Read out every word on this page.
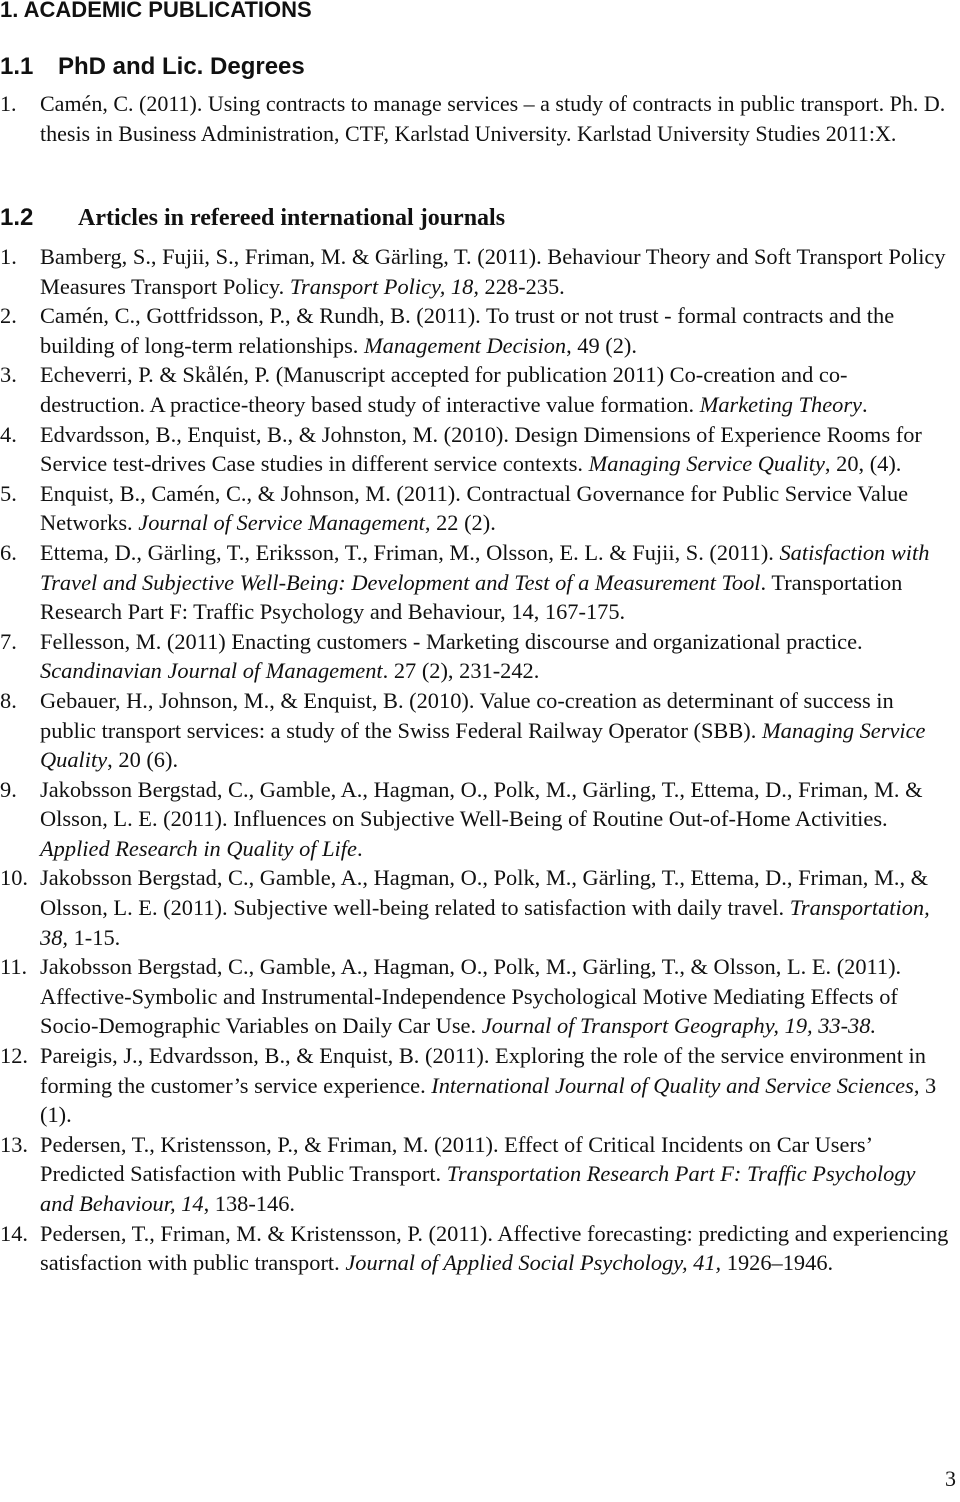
1. ACADEMIC PUBLICATIONS
1.1 PhD and Lic. Degrees
1. Camén, C. (2011). Using contracts to manage services – a study of contracts in public transport. Ph. D. thesis in Business Administration, CTF, Karlstad University. Karlstad University Studies 2011:X.
1.2 Articles in refereed international journals
1. Bamberg, S., Fujii, S., Friman, M. & Gärling, T. (2011). Behaviour Theory and Soft Transport Policy Measures Transport Policy. Transport Policy, 18, 228-235.
2. Camén, C., Gottfridsson, P., & Rundh, B. (2011). To trust or not trust - formal contracts and the building of long-term relationships. Management Decision, 49 (2).
3. Echeverri, P. & Skålén, P. (Manuscript accepted for publication 2011) Co-creation and co-destruction. A practice-theory based study of interactive value formation. Marketing Theory.
4. Edvardsson, B., Enquist, B., & Johnston, M. (2010). Design Dimensions of Experience Rooms for Service test-drives Case studies in different service contexts. Managing Service Quality, 20, (4).
5. Enquist, B., Camén, C., & Johnson, M. (2011). Contractual Governance for Public Service Value Networks. Journal of Service Management, 22 (2).
6. Ettema, D., Gärling, T., Eriksson, T., Friman, M., Olsson, E. L. & Fujii, S. (2011). Satisfaction with Travel and Subjective Well-Being: Development and Test of a Measurement Tool. Transportation Research Part F: Traffic Psychology and Behaviour, 14, 167-175.
7. Fellesson, M. (2011) Enacting customers - Marketing discourse and organizational practice. Scandinavian Journal of Management. 27 (2), 231-242.
8. Gebauer, H., Johnson, M., & Enquist, B. (2010). Value co-creation as determinant of success in public transport services: a study of the Swiss Federal Railway Operator (SBB). Managing Service Quality, 20 (6).
9. Jakobsson Bergstad, C., Gamble, A., Hagman, O., Polk, M., Gärling, T., Ettema, D., Friman, M. & Olsson, L. E. (2011). Influences on Subjective Well-Being of Routine Out-of-Home Activities. Applied Research in Quality of Life.
10. Jakobsson Bergstad, C., Gamble, A., Hagman, O., Polk, M., Gärling, T., Ettema, D., Friman, M., & Olsson, L. E. (2011). Subjective well-being related to satisfaction with daily travel. Transportation, 38, 1-15.
11. Jakobsson Bergstad, C., Gamble, A., Hagman, O., Polk, M., Gärling, T., & Olsson, L. E. (2011). Affective-Symbolic and Instrumental-Independence Psychological Motive Mediating Effects of Socio-Demographic Variables on Daily Car Use. Journal of Transport Geography, 19, 33-38.
12. Pareigis, J., Edvardsson, B., & Enquist, B. (2011). Exploring the role of the service environment in forming the customer’s service experience. International Journal of Quality and Service Sciences, 3 (1).
13. Pedersen, T., Kristensson, P., & Friman, M. (2011). Effect of Critical Incidents on Car Users’ Predicted Satisfaction with Public Transport. Transportation Research Part F: Traffic Psychology and Behaviour, 14, 138-146.
14. Pedersen, T., Friman, M. & Kristensson, P. (2011). Affective forecasting: predicting and experiencing satisfaction with public transport. Journal of Applied Social Psychology, 41, 1926–1946.
3
